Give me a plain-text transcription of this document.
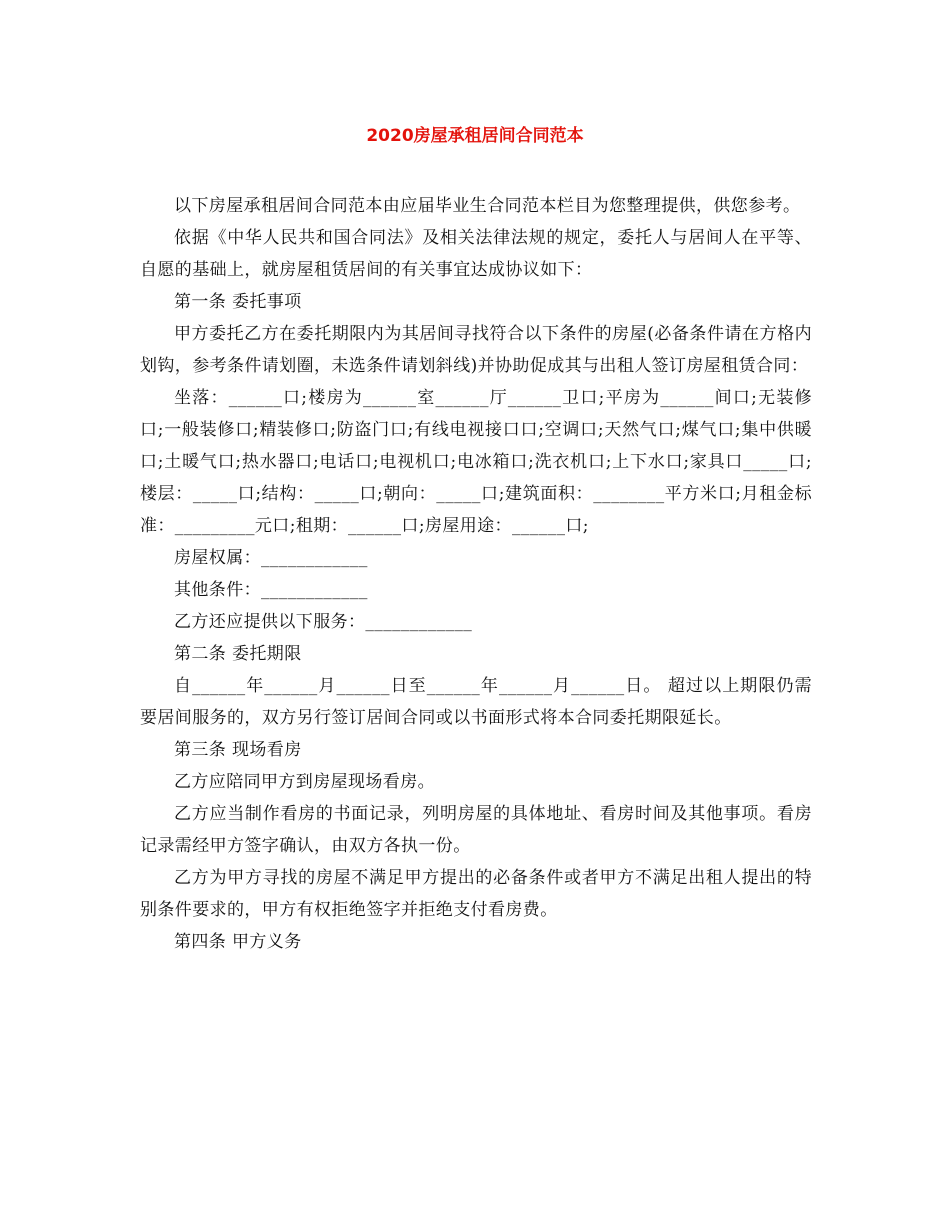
2020房屋承租居间合同范本

以下房屋承租居间合同范本由应届毕业生合同范本栏目为您整理提供，供您参考。

依据《中华人民共和国合同法》及相关法律法规的规定，委托人与居间人在平等、自愿的基础上，就房屋租赁居间的有关事宜达成协议如下：

第一条 委托事项

甲方委托乙方在委托期限内为其居间寻找符合以下条件的房屋(必备条件请在方格内划钩，参考条件请划圈，未选条件请划斜线)并协助促成其与出租人签订房屋租赁合同：

坐落：______口;楼房为______室______厅______卫口;平房为______间口;无装修口;一般装修口;精装修口;防盗门口;有线电视接口口;空调口;天然气口;煤气口;集中供暖口;土暖气口;热水器口;电话口;电视机口;电冰箱口;洗衣机口;上下水口;家具口_____口;楼层：_____口;结构：_____口;朝向：_____口;建筑面积：________平方米口;月租金标准：_________元口;租期：______口;房屋用途：______口;

房屋权属：____________

其他条件：____________

乙方还应提供以下服务：____________

第二条 委托期限

自______年______月______日至______年______月______日。 超过以上期限仍需要居间服务的，双方另行签订居间合同或以书面形式将本合同委托期限延长。

第三条 现场看房

乙方应陪同甲方到房屋现场看房。

乙方应当制作看房的书面记录，列明房屋的具体地址、看房时间及其他事项。看房记录需经甲方签字确认，由双方各执一份。

乙方为甲方寻找的房屋不满足甲方提出的必备条件或者甲方不满足出租人提出的特别条件要求的，甲方有权拒绝签字并拒绝支付看房费。

第四条 甲方义务
